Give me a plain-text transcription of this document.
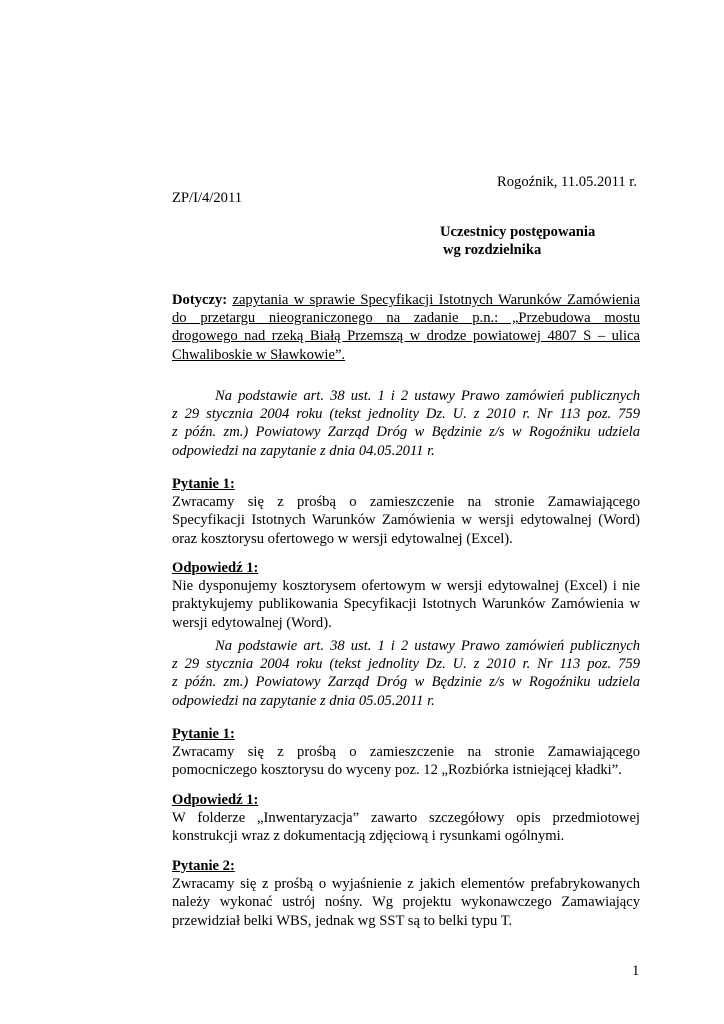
Rogoźnik, 11.05.2011 r.
ZP/I/4/2011
Uczestnicy postępowania
wg rozdzielnika

Dotyczy: zapytania w sprawie Specyfikacji Istotnych Warunków Zamówienia

do przetargu nieograniczonego na zadanie p.n.: „Przebudowa mostu

drogowego nad rzeką Białą Przemszą w drodze powiatowej 4807 S – ulica

Chwaliboskie w Sławkowie”.

Na podstawie art. 38 ust. 1 i 2 ustawy Prawo zamówień publicznych

z 29 stycznia 2004 roku (tekst jednolity Dz. U. z 2010 r. Nr 113 poz. 759

z późn. zm.) Powiatowy Zarząd Dróg w Będzinie z/s w Rogoźniku udziela

odpowiedzi na zapytanie z dnia 04.05.2011 r.

Pytanie 1:

Zwracamy się z prośbą o zamieszczenie na stronie Zamawiającego

Specyfikacji Istotnych Warunków Zamówienia w wersji edytowalnej (Word)

oraz kosztorysu ofertowego w wersji edytowalnej (Excel).

Odpowiedź 1:

Nie dysponujemy kosztorysem ofertowym w wersji edytowalnej (Excel) i nie

praktykujemy publikowania Specyfikacji Istotnych Warunków Zamówienia w

wersji edytowalnej (Word).

Na podstawie art. 38 ust. 1 i 2 ustawy Prawo zamówień publicznych

z 29 stycznia 2004 roku (tekst jednolity Dz. U. z 2010 r. Nr 113 poz. 759

z późn. zm.) Powiatowy Zarząd Dróg w Będzinie z/s w Rogoźniku udziela

odpowiedzi na zapytanie z dnia 05.05.2011 r.

Pytanie 1:

Zwracamy się z prośbą o zamieszczenie na stronie Zamawiającego

pomocniczego kosztorysu do wyceny poz. 12 „Rozbiórka istniejącej kładki”.

Odpowiedź 1:

W folderze „Inwentaryzacja” zawarto szczegółowy opis przedmiotowej

konstrukcji wraz z dokumentacją zdjęciową i rysunkami ogólnymi.

Pytanie 2:

Zwracamy się z prośbą o wyjaśnienie z jakich elementów prefabrykowanych

należy wykonać ustrój nośny. Wg projektu wykonawczego Zamawiający

przewidział belki WBS, jednak wg SST są to belki typu T.

1
